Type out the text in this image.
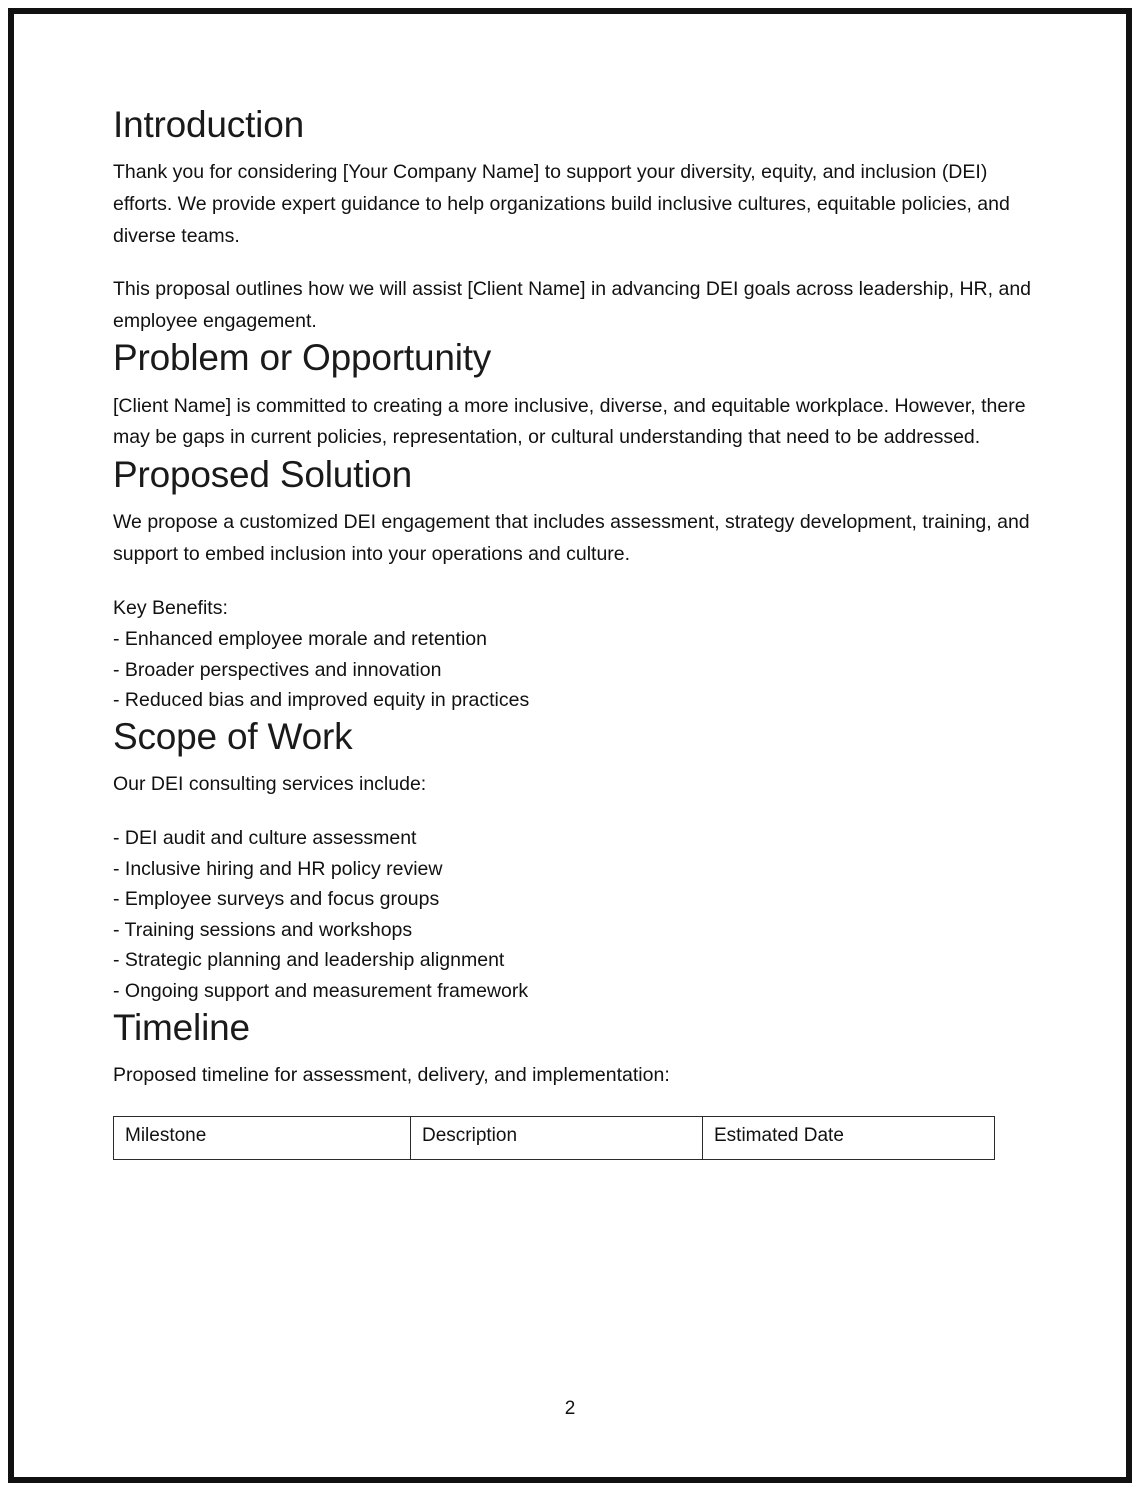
Introduction

Thank you for considering [Your Company Name] to support your diversity, equity, and inclusion (DEI) efforts. We provide expert guidance to help organizations build inclusive cultures, equitable policies, and diverse teams.

This proposal outlines how we will assist [Client Name] in advancing DEI goals across leadership, HR, and employee engagement.

Problem or Opportunity

[Client Name] is committed to creating a more inclusive, diverse, and equitable workplace. However, there may be gaps in current policies, representation, or cultural understanding that need to be addressed.

Proposed Solution

We propose a customized DEI engagement that includes assessment, strategy development, training, and support to embed inclusion into your operations and culture.

Key Benefits:
- Enhanced employee morale and retention
- Broader perspectives and innovation
- Reduced bias and improved equity in practices
Scope of Work

Our DEI consulting services include:

- DEI audit and culture assessment
- Inclusive hiring and HR policy review
- Employee surveys and focus groups
- Training sessions and workshops
- Strategic planning and leadership alignment
- Ongoing support and measurement framework
Timeline

Proposed timeline for assessment, delivery, and implementation:

Milestone	Description	Estimated Date
2
